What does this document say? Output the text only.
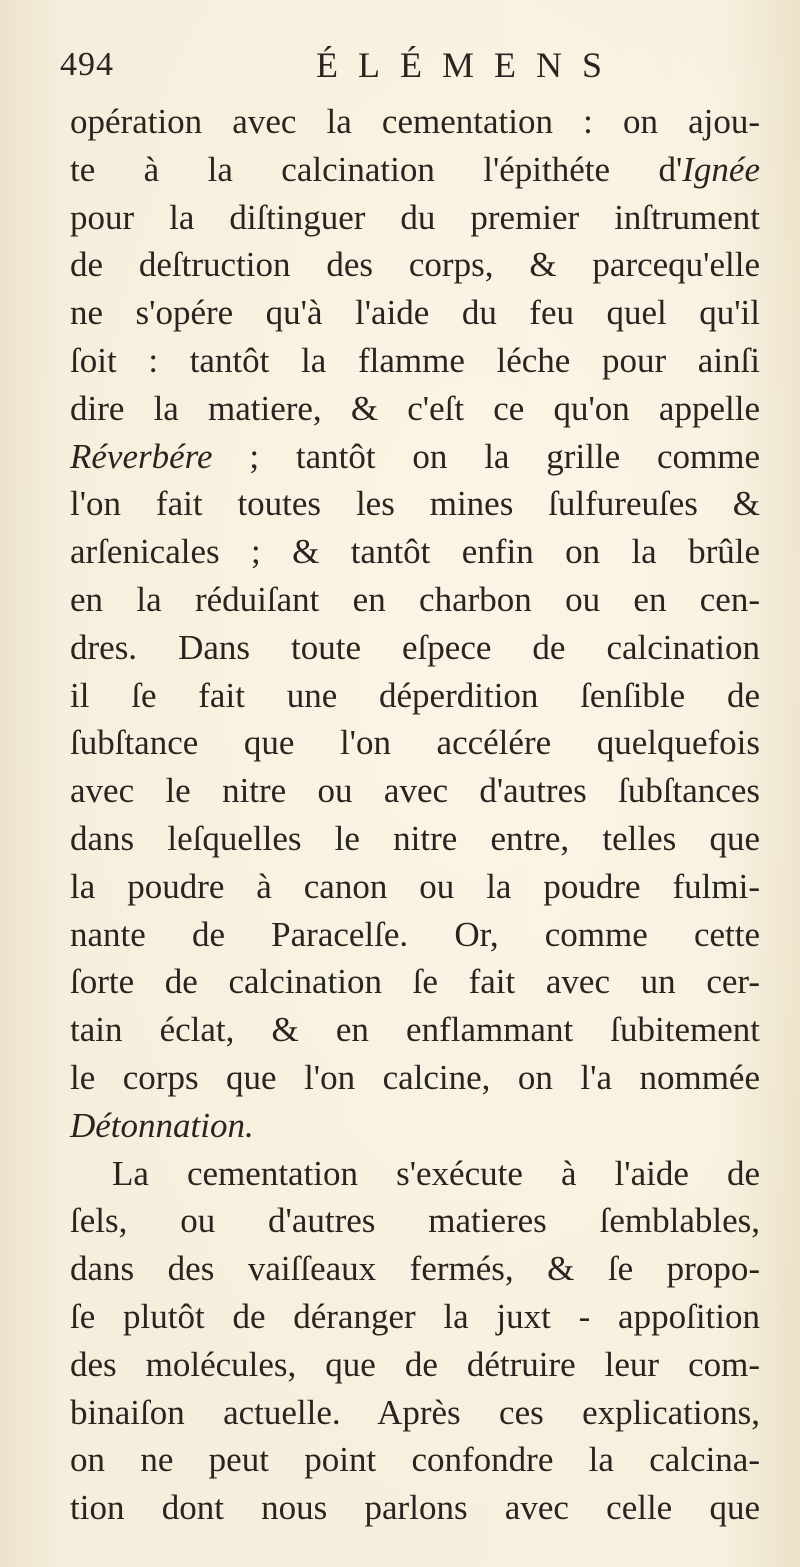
494	ÉLÉMENS
opération avec la cementation : on ajou-
te à la calcination l'épithéte d'Ignée
pour la diſtinguer du premier inſtrument
de deſtruction des corps, & parcequ'elle
ne s'opére qu'à l'aide du feu quel qu'il
ſoit : tantôt la flamme léche pour ainſi
dire la matiere, & c'eſt ce qu'on appelle
Réverbére ; tantôt on la grille comme
l'on fait toutes les mines ſulfureuſes &
arſenicales ; & tantôt enfin on la brûle
en la réduiſant en charbon ou en cen-
dres. Dans toute eſpece de calcination
il ſe fait une déperdition ſenſible de
ſubſtance que l'on accélére quelquefois
avec le nitre ou avec d'autres ſubſtances
dans leſquelles le nitre entre, telles que
la poudre à canon ou la poudre fulmi-
nante de Paracelſe. Or, comme cette
ſorte de calcination ſe fait avec un cer-
tain éclat, & en enflammant ſubitement
le corps que l'on calcine, on l'a nommée
Détonnation.
La cementation s'exécute à l'aide de
ſels, ou d'autres matieres ſemblables,
dans des vaiſſeaux fermés, & ſe propo-
ſe plutôt de déranger la juxt - appoſition
des molécules, que de détruire leur com-
binaiſon actuelle. Après ces explications,
on ne peut point confondre la calcina-
tion dont nous parlons avec celle que
